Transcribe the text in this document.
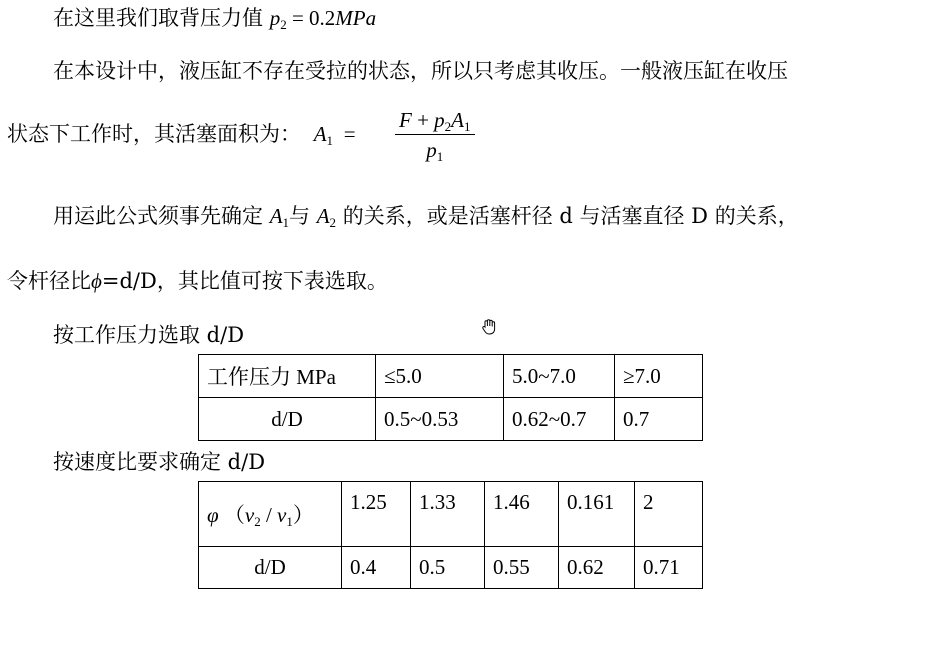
在这里我们取背压力值 $p_2 = 0.2MPa$
在本设计中，液压缸不存在受拉的状态，所以只考虑其收压。一般液压缸在收压
状态下工作时，其活塞面积为： $A_1$ =
$F + p_2A_1$
$p_1$
用运此公式须事先确定 $A_1$与 $A_2$ 的关系，或是活塞杆径 d 与活塞直径 D 的关系，
令杆径比ϕ=d/D，其比值可按下表选取。
按工作压力选取 d/D
工作压力 MPa	≤5.0	5.0~7.0	≥7.0
d/D	0.5~0.53	0.62~0.7	0.7
按速度比要求确定 d/D
φ $(v_2 / v_1)$	1.25	1.33	1.46	0.161	2
d/D	0.4	0.5	0.55	0.62	0.71
